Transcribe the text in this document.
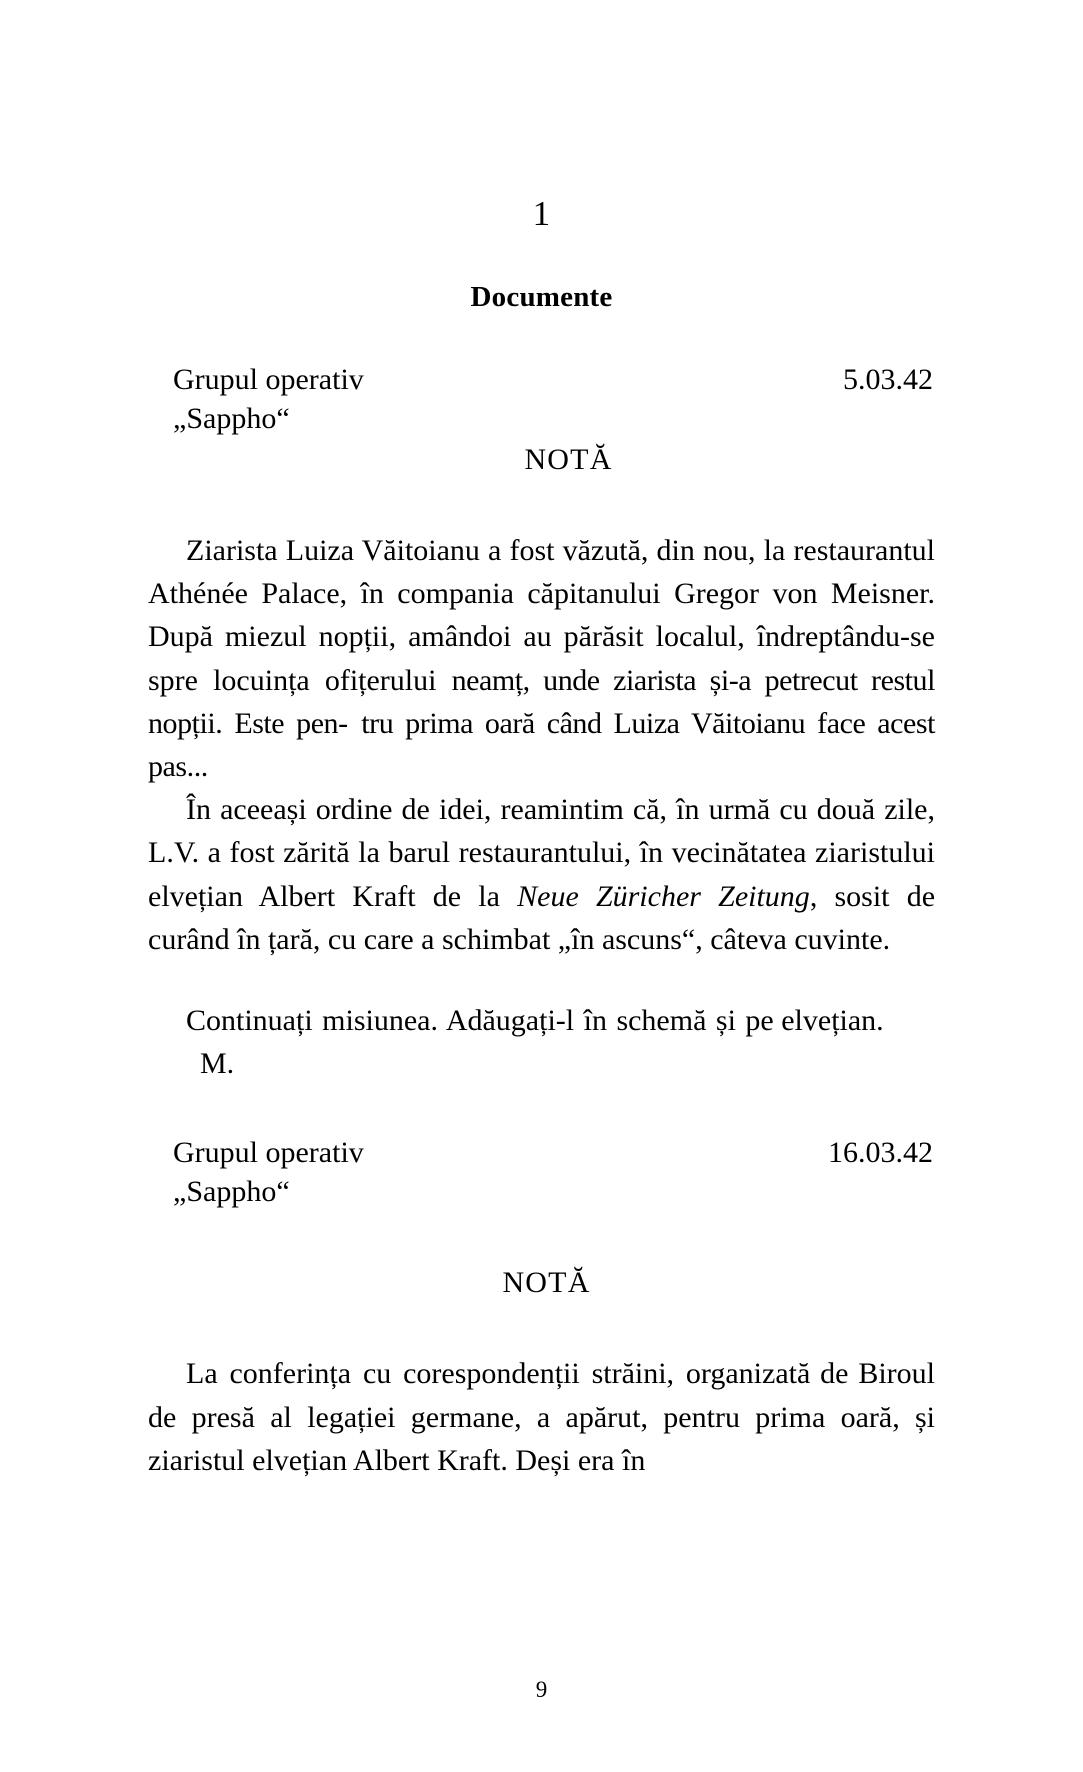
1
Documente
Grupul operativ	5.03.42
„Sappho“
NOTĂ

Ziarista Luiza Văitoianu a fost văzută, din nou, la restaurantul Athénée Palace, în compania căpitanului Gregor von Meisner. După miezul nopții, amândoi au părăsit localul, îndreptându-se spre locuința ofițerului neamț, unde ziarista și-a petrecut restul nopții. Este pen- tru prima oară când Luiza Văitoianu face acest pas...

În aceeași ordine de idei, reamintim că, în urmă cu două zile, L.V. a fost zărită la barul restaurantului, în vecinătatea ziaristului elvețian Albert Kraft de la Neue Züricher Zeitung, sosit de curând în țară, cu care a schimbat „în ascuns“, câteva cuvinte.

Continuați misiunea. Adăugați-l în schemă și pe elvețian.

M.
Grupul operativ	16.03.42
„Sappho“
NOTĂ

La conferința cu corespondenții străini, organizată de Biroul de presă al legației germane, a apărut, pentru prima oară, și ziaristul elvețian Albert Kraft. Deși era în

9
